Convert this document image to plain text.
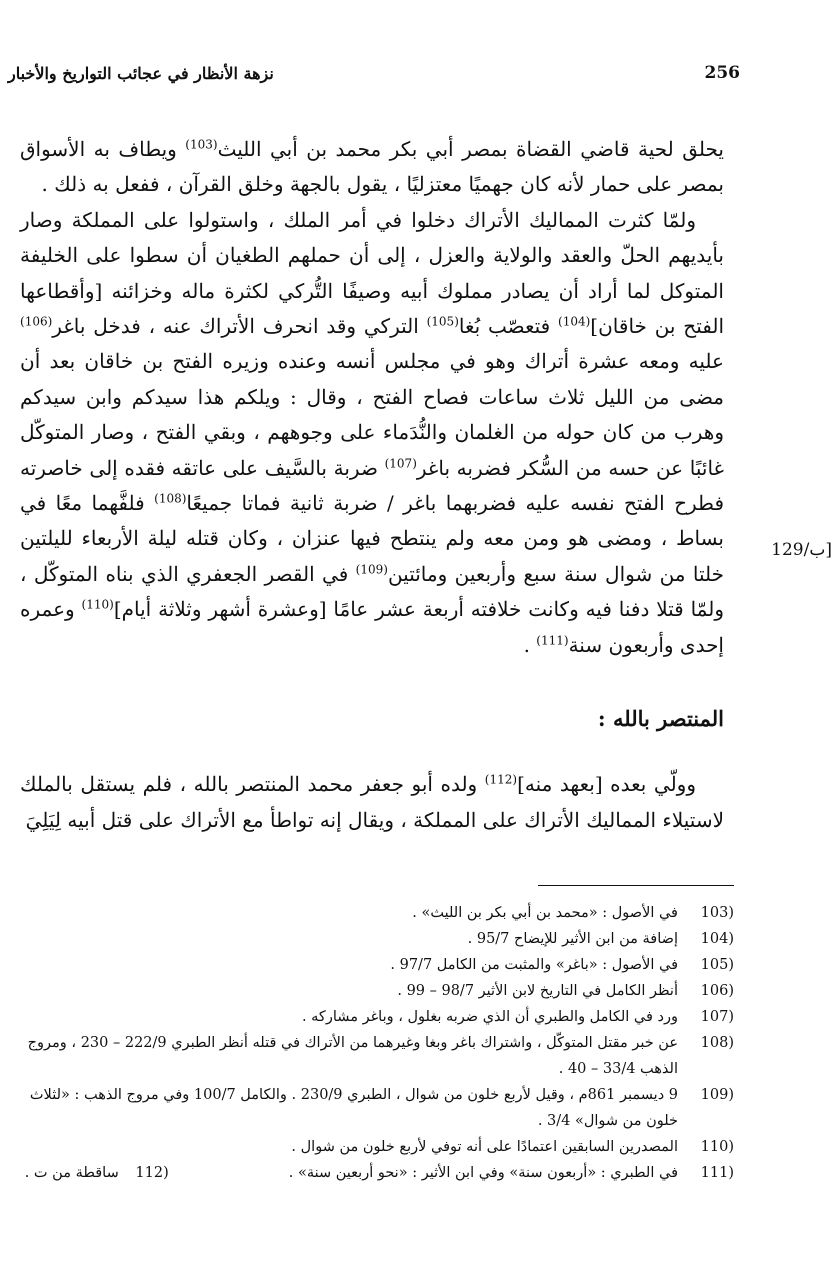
256
نزهة الأنظار في عجائب التواريخ والأخبار
129/ب]

يحلق لحية قاضي القضاة بمصر أبي بكر محمد بن أبي الليث$^{(103)}$ ويطاف به الأسواق بمصر على حمار لأنه كان جهميًا معتزليًا ، يقول بالجهة وخلق القرآن ، ففعل به ذلك .

ولمّا كثرت المماليك الأتراك دخلوا في أمر الملك ، واستولوا على المملكة وصار بأيديهم الحلّ والعقد والولاية والعزل ، إلى أن حملهم الطغيان أن سطوا على الخليفة المتوكل لما أراد أن يصادر مملوك أبيه وصيفًا التُّركي لكثرة ماله وخزائنه [وأقطاعها الفتح بن خاقان]$^{(104)}$ فتعصّب بُغا$^{(105)}$ التركي وقد انحرف الأتراك عنه ، فدخل باغر$^{(106)}$ عليه ومعه عشرة أتراك وهو في مجلس أنسه وعنده وزيره الفتح بن خاقان بعد أن مضى من الليل ثلاث ساعات فصاح الفتح ، وقال : ويلكم هذا سيدكم وابن سيدكم وهرب من كان حوله من الغلمان والنُّدَماء على وجوههم ، وبقي الفتح ، وصار المتوكّل غائبًا عن حسه من السُّكر فضربه باغر$^{(107)}$ ضربة بالسَّيف على عاتقه فقده إلى خاصرته فطرح الفتح نفسه عليه فضربهما باغر / ضربة ثانية فماتا جميعًا$^{(108)}$ فلفَّهما معًا في بساط ، ومضى هو ومن معه ولم ينتطح فيها عنزان ، وكان قتله ليلة الأربعاء لليلتين خلتا من شوال سنة سبع وأربعين ومائتين$^{(109)}$ في القصر الجعفري الذي بناه المتوكّل ، ولمّا قتلا دفنا فيه وكانت خلافته أربعة عشر عامًا [وعشرة أشهر وثلاثة أيام]$^{(110)}$ وعمره إحدى وأربعون سنة$^{(111)}$ .

المنتصر بالله :

وولّي بعده [بعهد منه]$^{(112)}$ ولده أبو جعفر محمد المنتصر بالله ، فلم يستقل بالملك لاستيلاء المماليك الأتراك على المملكة ، ويقال إنه تواطأ مع الأتراك على قتل أبيه لِيَلِيَ

(103
في الأصول : «محمد بن أبي بكر بن الليث» .
(104
إضافة من ابن الأثير للإيضاح 95/7 .
(105
في الأصول : «باغر» والمثبت من الكامل 97/7 .
(106
أنظر الكامل في التاريخ لابن الأثير 98/7 – 99 .
(107
ورد في الكامل والطبري أن الذي ضربه بغلول ، وباغر مشاركه .
(108
عن خبر مقتل المتوكّل ، واشتراك باغر وبغا وغيرهما من الأتراك في قتله أنظر الطبري 222/9 – 230 ، ومروج الذهب 33/4 – 40 .
(109
9 ديسمبر 861م ، وقيل لأربع خلون من شوال ، الطبري 230/9 . والكامل 100/7 وفي مروج الذهب : «لثلاث خلون من شوال» 3/4 .
(110
المصدرين السابقين اعتمادًا على أنه توفي لأربع خلون من شوال .
(111
في الطبري : «أربعون سنة» وفي ابن الأثير : «نحو أربعين سنة» .(112ساقطة من ت .
